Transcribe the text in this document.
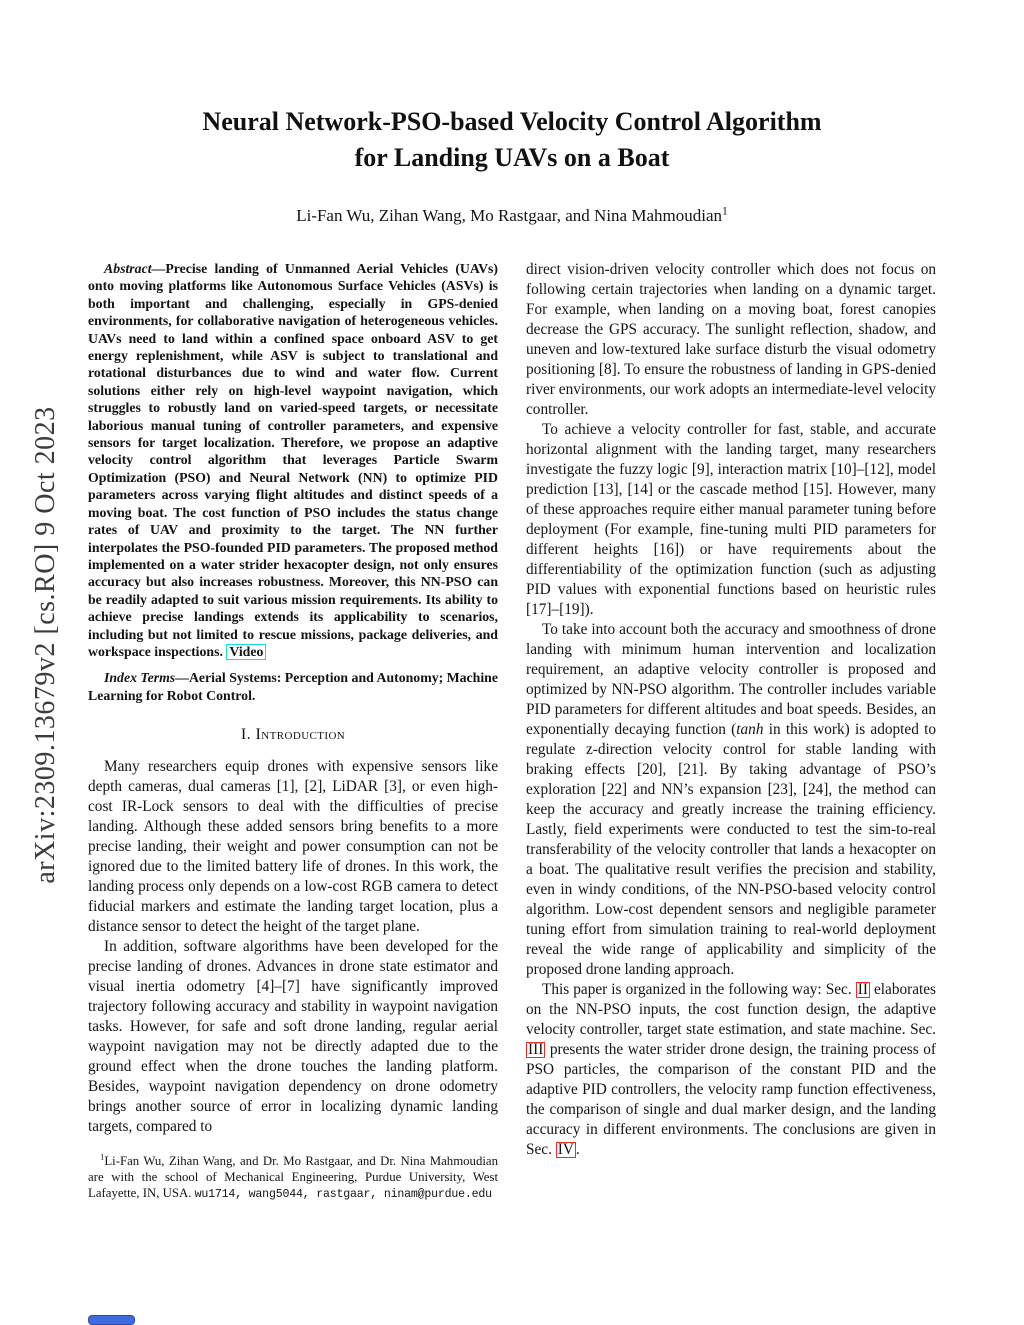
arXiv:2309.13679v2 [cs.RO] 9 Oct 2023
Neural Network-PSO-based Velocity Control Algorithm
for Landing UAVs on a Boat

Li-Fan Wu, Zihan Wang, Mo Rastgaar, and Nina Mahmoudian$^1$

Abstract—Precise landing of Unmanned Aerial Vehicles (UAVs) onto moving platforms like Autonomous Surface Vehicles (ASVs) is both important and challenging, especially in GPS-denied environments, for collaborative navigation of heterogeneous vehicles. UAVs need to land within a confined space onboard ASV to get energy replenishment, while ASV is subject to translational and rotational disturbances due to wind and water flow. Current solutions either rely on high-level waypoint navigation, which struggles to robustly land on varied-speed targets, or necessitate laborious manual tuning of controller parameters, and expensive sensors for target localization. Therefore, we propose an adaptive velocity control algorithm that leverages Particle Swarm Optimization (PSO) and Neural Network (NN) to optimize PID parameters across varying flight altitudes and distinct speeds of a moving boat. The cost function of PSO includes the status change rates of UAV and proximity to the target. The NN further interpolates the PSO-founded PID parameters. The proposed method implemented on a water strider hexacopter design, not only ensures accuracy but also increases robustness. Moreover, this NN-PSO can be readily adapted to suit various mission requirements. Its ability to achieve precise landings extends its applicability to scenarios, including but not limited to rescue missions, package deliveries, and workspace inspections. Video

Index Terms—Aerial Systems: Perception and Autonomy; Machine Learning for Robot Control.

I. Introduction

Many researchers equip drones with expensive sensors like depth cameras, dual cameras [1], [2], LiDAR [3], or even high-cost IR-Lock sensors to deal with the difficulties of precise landing. Although these added sensors bring benefits to a more precise landing, their weight and power consumption can not be ignored due to the limited battery life of drones. In this work, the landing process only depends on a low-cost RGB camera to detect fiducial markers and estimate the landing target location, plus a distance sensor to detect the height of the target plane.

In addition, software algorithms have been developed for the precise landing of drones. Advances in drone state estimator and visual inertia odometry [4]–[7] have significantly improved trajectory following accuracy and stability in waypoint navigation tasks. However, for safe and soft drone landing, regular aerial waypoint navigation may not be directly adapted due to the ground effect when the drone touches the landing platform. Besides, waypoint navigation dependency on drone odometry brings another source of error in localizing dynamic landing targets, compared to

$^1$Li-Fan Wu, Zihan Wang, and Dr. Mo Rastgaar, and Dr. Nina Mahmoudian are with the school of Mechanical Engineering, Purdue University, West Lafayette, IN, USA. wu1714, wang5044, rastgaar, ninam@purdue.edu

direct vision-driven velocity controller which does not focus on following certain trajectories when landing on a dynamic target. For example, when landing on a moving boat, forest canopies decrease the GPS accuracy. The sunlight reflection, shadow, and uneven and low-textured lake surface disturb the visual odometry positioning [8]. To ensure the robustness of landing in GPS-denied river environments, our work adopts an intermediate-level velocity controller.

To achieve a velocity controller for fast, stable, and accurate horizontal alignment with the landing target, many researchers investigate the fuzzy logic [9], interaction matrix [10]–[12], model prediction [13], [14] or the cascade method [15]. However, many of these approaches require either manual parameter tuning before deployment (For example, fine-tuning multi PID parameters for different heights [16]) or have requirements about the differentiability of the optimization function (such as adjusting PID values with exponential functions based on heuristic rules [17]–[19]).

To take into account both the accuracy and smoothness of drone landing with minimum human intervention and localization requirement, an adaptive velocity controller is proposed and optimized by NN-PSO algorithm. The controller includes variable PID parameters for different altitudes and boat speeds. Besides, an exponentially decaying function (tanh in this work) is adopted to regulate z-direction velocity control for stable landing with braking effects [20], [21]. By taking advantage of PSO’s exploration [22] and NN’s expansion [23], [24], the method can keep the accuracy and greatly increase the training efficiency. Lastly, field experiments were conducted to test the sim-to-real transferability of the velocity controller that lands a hexacopter on a boat. The qualitative result verifies the precision and stability, even in windy conditions, of the NN-PSO-based velocity control algorithm. Low-cost dependent sensors and negligible parameter tuning effort from simulation training to real-world deployment reveal the wide range of applicability and simplicity of the proposed drone landing approach.

This paper is organized in the following way: Sec. II elaborates on the NN-PSO inputs, the cost function design, the adaptive velocity controller, target state estimation, and state machine. Sec. III presents the water strider drone design, the training process of PSO particles, the comparison of the constant PID and the adaptive PID controllers, the velocity ramp function effectiveness, the comparison of single and dual marker design, and the landing accuracy in different environments. The conclusions are given in Sec. IV .
